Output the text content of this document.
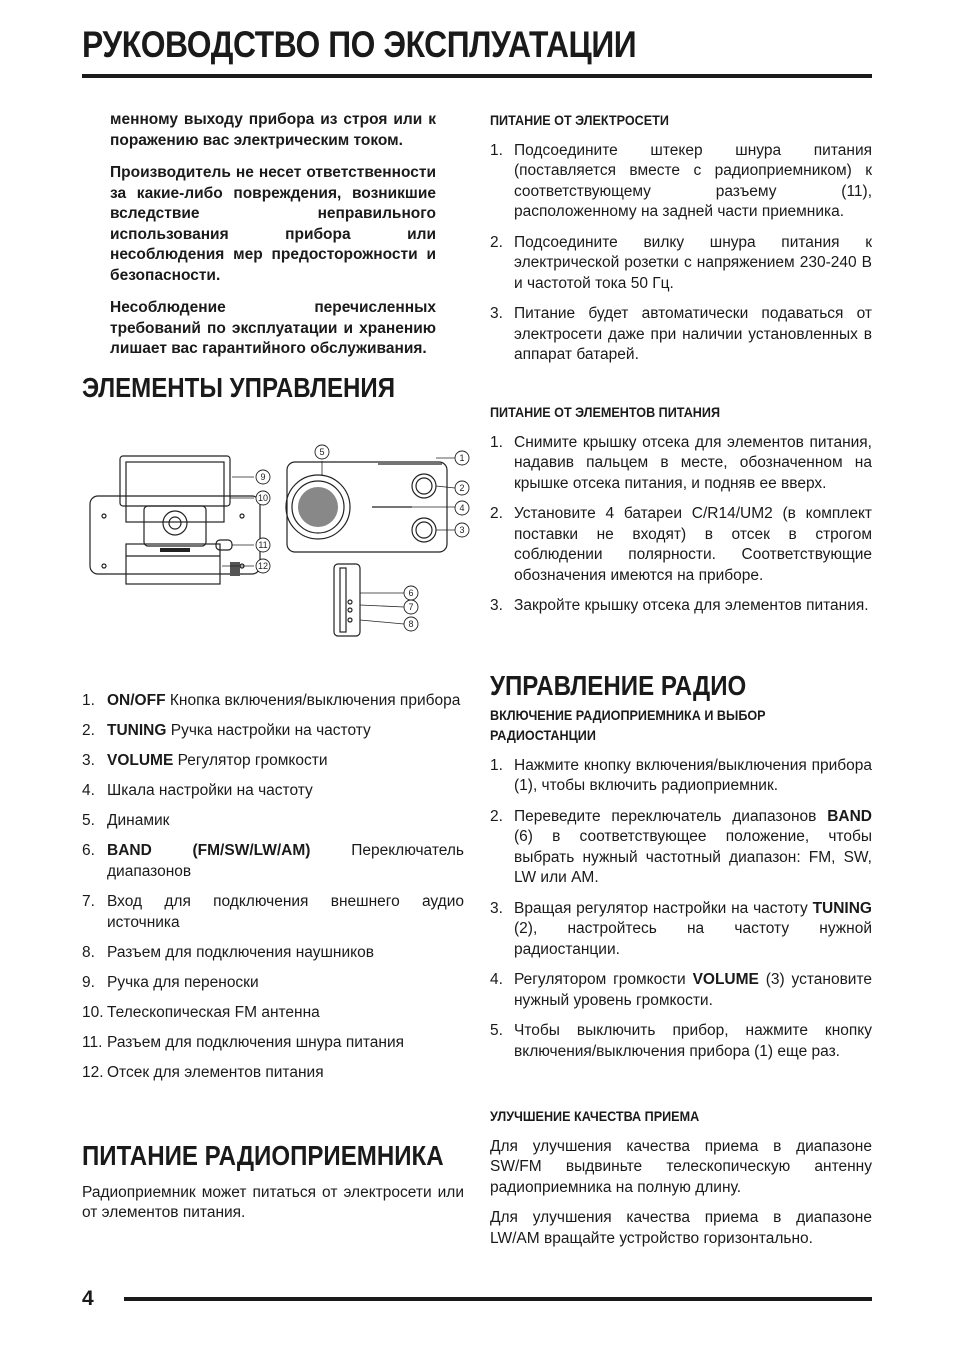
РУКОВОДСТВО ПО ЭКСПЛУАТАЦИИ

менному выходу прибора из строя или к поражению вас электрическим током.

Производитель не несет ответственности за какие-либо повреждения, возникшие вследствие неправильного использования прибора или несоблюдения мер предосторожности и безопасности.

Несоблюдение перечисленных требований по эксплуатации и хранению лишает вас гарантийного обслуживания.

ЭЛЕМЕНТЫ УПРАВЛЕНИЯ
9
10
11
12
5
1
2
4
3
6
7
8
1. ON/OFF Кнопка включения/выключения прибора
2. TUNING Ручка настройки на частоту
3. VOLUME Регулятор громкости
4. Шкала настройки на частоту
5. Динамик
6. BAND (FM/SW/LW/AM) Переключатель диапазонов
7. Вход для подключения внешнего аудио источника
8. Разъем для подключения наушников
9. Ручка для переноски
10. Телескопическая FM антенна
11. Разъем для подключения шнура питания
12. Отсек для элементов питания
ПИТАНИЕ РАДИОПРИЕМНИКА

Радиоприемник может питаться от электросети или от элементов питания.

ПИТАНИЕ ОТ ЭЛЕКТРОСЕТИ
1. Подсоедините штекер шнура питания (поставляется вместе с радиоприемником) к соответствующему разъему (11), расположенному на задней части приемника.
2. Подсоедините вилку шнура питания к электрической розетки с напряжением 230-240 В и частотой тока 50 Гц.
3. Питание будет автоматически подаваться от электросети даже при наличии установленных в аппарат батарей.
ПИТАНИЕ ОТ ЭЛЕМЕНТОВ ПИТАНИЯ
1. Снимите крышку отсека для элементов питания, надавив пальцем в месте, обозначенном на крышке отсека питания, и подняв ее вверх.
2. Установите 4 батареи С/R14/UM2 (в комплект поставки не входят) в отсек в строгом соблюдении полярности. Соответствующие обозначения имеются на приборе.
3. Закройте крышку отсека для элементов питания.
УПРАВЛЕНИЕ РАДИО
ВКЛЮЧЕНИЕ РАДИОПРИЕМНИКА И ВЫБОР РАДИОСТАНЦИИ
1. Нажмите кнопку включения/выключения прибора (1), чтобы включить радиоприемник.
2. Переведите переключатель диапазонов BAND (6) в соответствующее положение, чтобы выбрать нужный частотный диапазон: FM, SW, LW или AM.
3. Вращая регулятор настройки на частоту TUNING (2), настройтесь на частоту нужной радиостанции.
4. Регулятором громкости VOLUME (3) установите нужный уровень громкости.
5. Чтобы выключить прибор, нажмите кнопку включения/выключения прибора (1) еще раз.
УЛУЧШЕНИЕ КАЧЕСТВА ПРИЕМА

Для улучшения качества приема в диапазоне SW/FM выдвиньте телескопическую антенну радиоприемника на полную длину.

Для улучшения качества приема в диапазоне LW/AM вращайте устройство горизонтально.

4
